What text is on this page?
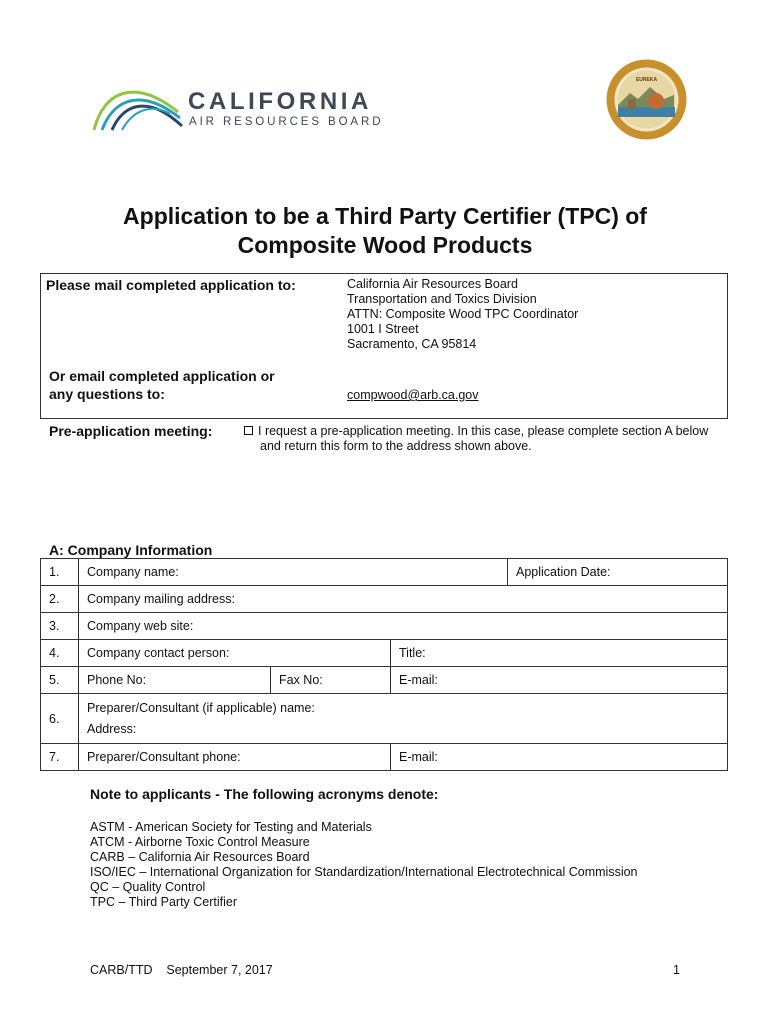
CALIFORNIA
AIR RESOURCES BOARD
EUREKA
Application to be a Third Party Certifier (TPC) of
Composite Wood Products
Please mail completed application to:	California Air Resources Board
Transportation and Toxics Division
ATTN: Composite Wood TPC Coordinator
1001 I Street
Sacramento, CA 95814
Or email completed application or
any questions to:	compwood@arb.ca.gov
Pre-application meeting:	I request a pre-application meeting. In this case, please complete section A below
and return this form to the address shown above.
A: Company Information
1.	Company name:			Application Date:
2.	Company mailing address:			
3.	Company web site:			
4.	Company contact person:		Title:	
5.	Phone No:	Fax No:	E-mail:	
6.	Preparer/Consultant (if applicable) name:
Address:			

7.	Preparer/Consultant phone:		E-mail:	
Note to applicants - The following acronyms denote:
ASTM - American Society for Testing and Materials
ATCM - Airborne Toxic Control Measure
CARB – California Air Resources Board
ISO/IEC – International Organization for Standardization/International Electrotechnical Commission
QC – Quality Control
TPC – Third Party Certifier
CARB/TTD    September 7, 2017	1
